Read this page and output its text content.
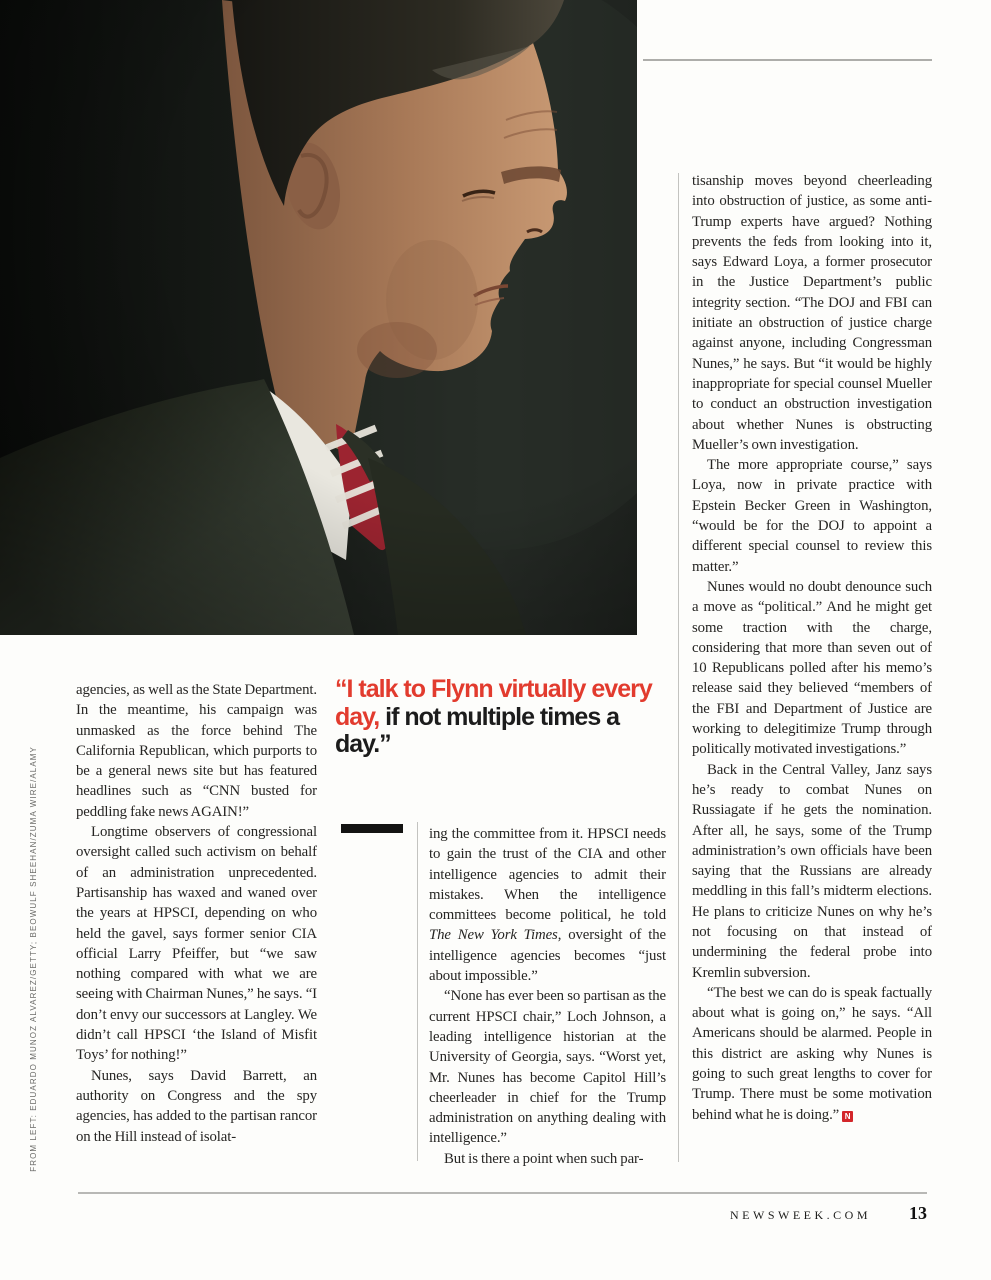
“I talk to Flynn virtually every day, if not multiple times a day.”

agencies, as well as the State Department. In the meantime, his campaign was unmasked as the force behind The California Republican, which purports to be a general news site but has featured headlines such as “CNN busted for peddling fake news AGAIN!”

Longtime observers of congressional oversight called such activism on behalf of an administration unprecedented. Partisanship has waxed and waned over the years at HPSCI, depending on who held the gavel, says former senior CIA official Larry Pfeiffer, but “we saw nothing compared with what we are seeing with Chairman Nunes,” he says. “I don’t envy our successors at Langley. We didn’t call HPSCI ‘the Island of Misfit Toys’ for nothing!”

Nunes, says David Barrett, an authority on Congress and the spy agencies, has added to the partisan rancor on the Hill instead of isolat-

ing the committee from it. HPSCI needs to gain the trust of the CIA and other intelligence agencies to admit their mistakes. When the intelligence committees become political, he told The New York Times, oversight of the intelligence agencies becomes “just about impossible.”

“None has ever been so partisan as the current HPSCI chair,” Loch Johnson, a leading intelligence historian at the University of Georgia, says. “Worst yet, Mr. Nunes has become Capitol Hill’s cheerleader in chief for the Trump administration on anything dealing with intelligence.”

But is there a point when such par-

tisanship moves beyond cheerleading into obstruction of justice, as some anti-Trump experts have argued? Nothing prevents the feds from looking into it, says Edward Loya, a former prosecutor in the Justice Department’s public integrity section. “The DOJ and FBI can initiate an obstruction of justice charge against anyone, including Congressman Nunes,” he says. But “it would be highly inappropriate for special counsel Mueller to conduct an obstruction investigation about whether Nunes is obstructing Mueller’s own investigation.

The more appropriate course,” says Loya, now in private practice with Epstein Becker Green in Washington, “would be for the DOJ to appoint a different special counsel to review this matter.”

Nunes would no doubt denounce such a move as “political.” And he might get some traction with the charge, considering that more than seven out of 10 Republicans polled after his memo’s release said they believed “members of the FBI and Department of Justice are working to delegitimize Trump through politically motivated investigations.”

Back in the Central Valley, Janz says he’s ready to combat Nunes on Russiagate if he gets the nomination. After all, he says, some of the Trump administration’s own officials have been saying that the Russians are already meddling in this fall’s midterm elections. He plans to criticize Nunes on why he’s not focusing on that instead of undermining the federal probe into Kremlin subversion.

“The best we can do is speak factually about what is going on,” he says. “All Americans should be alarmed. People in this district are asking why Nunes is going to such great lengths to cover for Trump. There must be some motivation behind what he is doing.” N

FROM LEFT: EDUARDO MUNOZ ALVAREZ/GETTY; BEOWULF SHEEHAN/ZUMA WIRE/ALAMY
NEWSWEEK.COM 13
